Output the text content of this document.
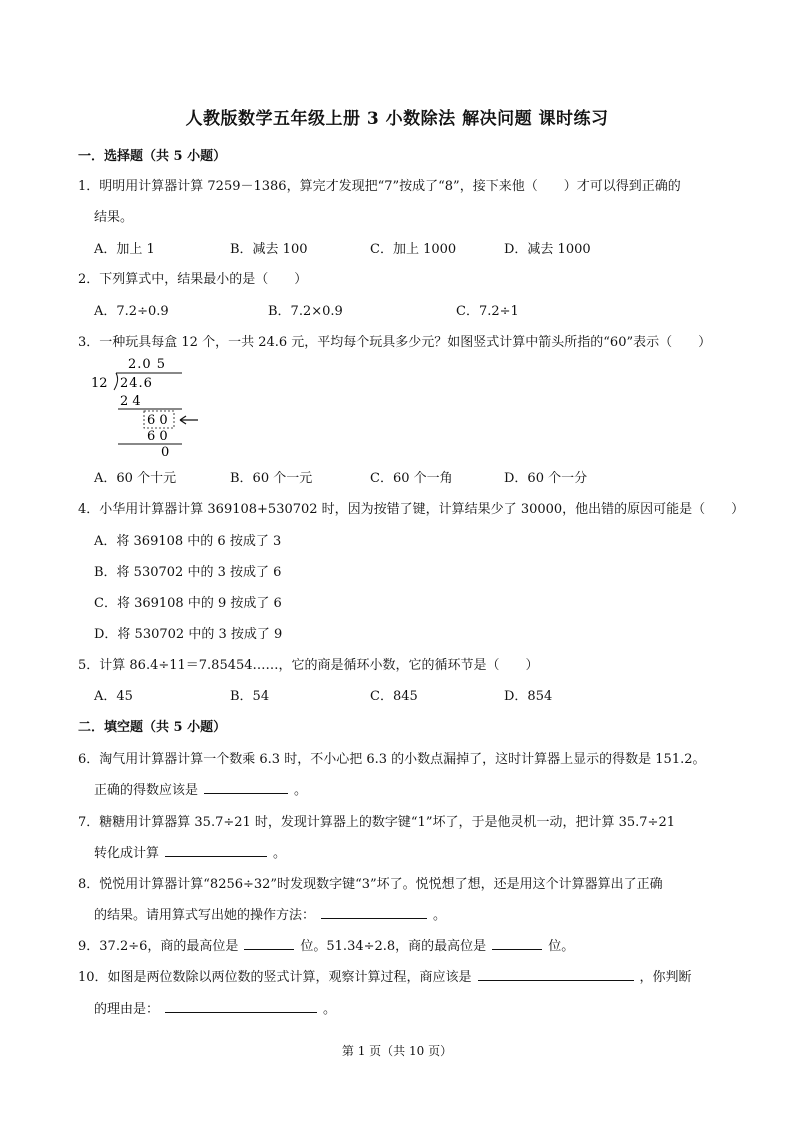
人教版数学五年级上册 3 小数除法 解决问题 课时练习
一．选择题（共 5 小题）
1．明明用计算器计算 7259－1386，算完才发现把“7”按成了“8”，接下来他（　　）才可以得到正确的
结果。
A．加上 1	B．减去 100	C．加上 1000	D．减去 1000
2．下列算式中，结果最小的是（　　）
A．7.2÷0.9	B．7.2×0.9	C．7.2÷1
3．一种玩具每盒 12 个，一共 24.6 元，平均每个玩具多少元？如图竖式计算中箭头所指的“60”表示（　　）
2.0 5
12 24.6
2 4
6 0
6 0
0
A．60 个十元	B．60 个一元	C．60 个一角	D．60 个一分
4．小华用计算器计算 369108+530702 时，因为按错了键，计算结果少了 30000，他出错的原因可能是（　　）
A．将 369108 中的 6 按成了 3
B．将 530702 中的 3 按成了 6
C．将 369108 中的 9 按成了 6
D．将 530702 中的 3 按成了 9
5．计算 86.4÷11＝7.85454……，它的商是循环小数，它的循环节是（　　）
A．45	B．54	C．845	D．854
二．填空题（共 5 小题）
6．淘气用计算器计算一个数乘 6.3 时，不小心把 6.3 的小数点漏掉了，这时计算器上显示的得数是 151.2。
正确的得数应该是	。
7．糖糖用计算器算 35.7÷21 时，发现计算器上的数字键“1”坏了，于是他灵机一动，把计算 35.7÷21
转化成计算	。
8．悦悦用计算器计算“8256÷32”时发现数字键“3”坏了。悦悦想了想，还是用这个计算器算出了正确
的结果。请用算式写出她的操作方法：	。
9．37.2÷6，商的最高位是	位。51.34÷2.8，商的最高位是	位。
10．如图是两位数除以两位数的竖式计算，观察计算过程，商应该是	，你判断
的理由是：	。
第 1 页（共 10 页）
